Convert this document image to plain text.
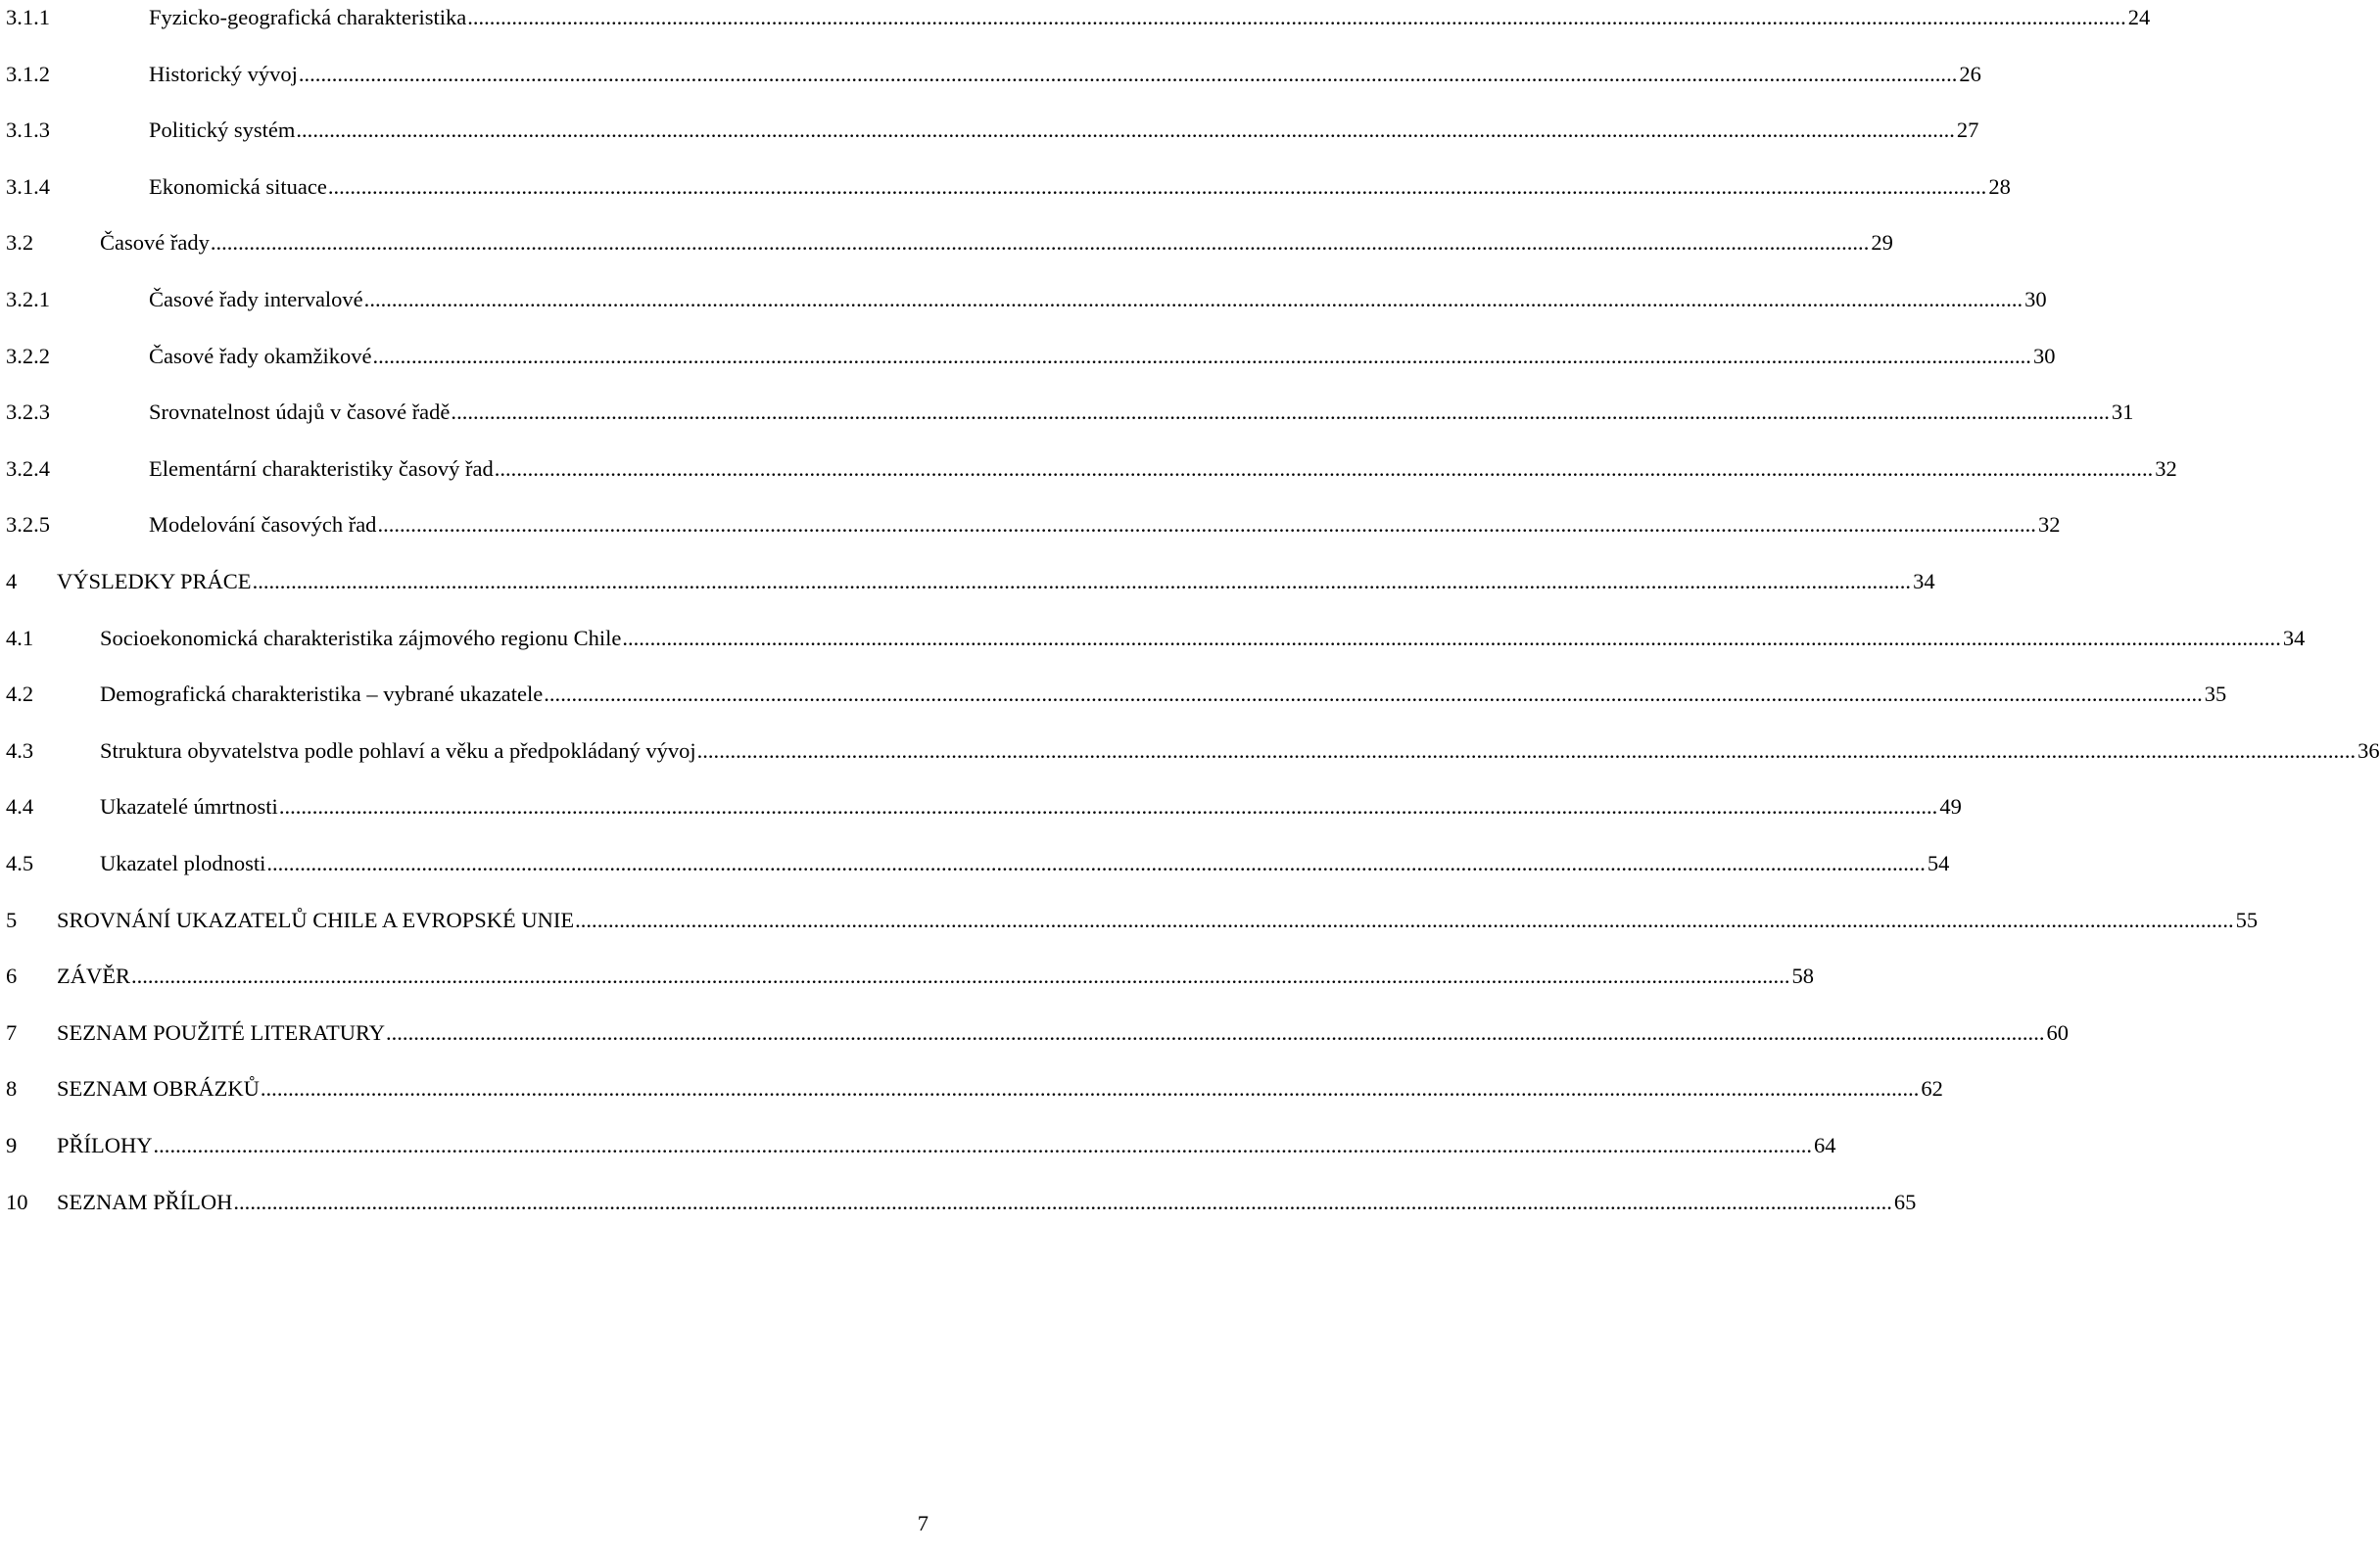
3.1.1	Fyzicko-geografická charakteristika ............................................................................................................................................................................................................................................................................................................ 24
3.1.2	Historický vývoj ............................................................................................................................................................................................................................................................................................................ 26
3.1.3	Politický systém ............................................................................................................................................................................................................................................................................................................ 27
3.1.4	Ekonomická situace ............................................................................................................................................................................................................................................................................................................ 28
3.2	Časové řady ............................................................................................................................................................................................................................................................................................................ 29
3.2.1	Časové řady intervalové ............................................................................................................................................................................................................................................................................................................ 30
3.2.2	Časové řady okamžikové ............................................................................................................................................................................................................................................................................................................ 30
3.2.3	Srovnatelnost údajů v časové řadě ............................................................................................................................................................................................................................................................................................................ 31
3.2.4	Elementární charakteristiky časový řad ............................................................................................................................................................................................................................................................................................................ 32
3.2.5	Modelování časových řad ............................................................................................................................................................................................................................................................................................................ 32
4 VÝSLEDKY PRÁCE ............................................................................................................................................................................................................................................................................................................ 34
4.1	Socioekonomická charakteristika zájmového regionu Chile ............................................................................................................................................................................................................................................................................................................ 34
4.2	Demografická charakteristika – vybrané ukazatele ............................................................................................................................................................................................................................................................................................................ 35
4.3	Struktura obyvatelstva podle pohlaví a věku a předpokládaný vývoj ............................................................................................................................................................................................................................................................................................................ 36
4.4	Ukazatelé úmrtnosti ............................................................................................................................................................................................................................................................................................................ 49
4.5	Ukazatel plodnosti ............................................................................................................................................................................................................................................................................................................ 54
5 SROVNÁNÍ UKAZATELŮ CHILE A EVROPSKÉ UNIE ............................................................................................................................................................................................................................................................................................................ 55
6 ZÁVĚR ............................................................................................................................................................................................................................................................................................................ 58
7 SEZNAM POUŽITÉ LITERATURY ............................................................................................................................................................................................................................................................................................................ 60
8 SEZNAM OBRÁZKŮ ............................................................................................................................................................................................................................................................................................................ 62
9 PŘÍLOHY ............................................................................................................................................................................................................................................................................................................ 64
10 SEZNAM PŘÍLOH ............................................................................................................................................................................................................................................................................................................ 65
7
